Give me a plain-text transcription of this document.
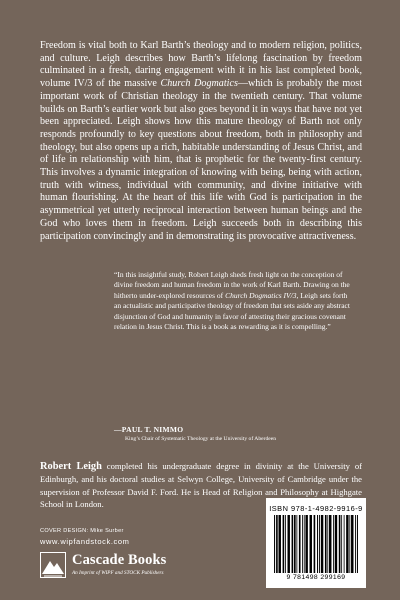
Freedom is vital both to Karl Barth’s theology and to modern religion, politics, and culture. Leigh describes how Barth’s lifelong fascination by freedom culminated in a fresh, daring engagement with it in his last completed book, volume IV/3 of the massive Church Dogmatics—which is probably the most important work of Christian theology in the twentieth century. That volume builds on Barth’s earlier work but also goes beyond it in ways that have not yet been appreciated. Leigh shows how this mature theology of Barth not only responds profoundly to key questions about freedom, both in philosophy and theology, but also opens up a rich, habitable understanding of Jesus Christ, and of life in relationship with him, that is prophetic for the twenty-first century. This involves a dynamic integration of knowing with being, being with action, truth with witness, individual with community, and divine initiative with human flourishing. At the heart of this life with God is participation in the asymmetrical yet utterly reciprocal interaction between human beings and the God who loves them in freedom. Leigh succeeds both in describing this participation convincingly and in demonstrating its provocative attractiveness.

“In this insightful study, Robert Leigh sheds fresh light on the conception of divine freedom and human freedom in the work of Karl Barth. Drawing on the hitherto under-explored resources of Church Dogmatics IV/3, Leigh sets forth an actualistic and participative theology of freedom that sets aside any abstract disjunction of God and humanity in favor of attesting their gracious covenant relation in Jesus Christ. This is a book as rewarding as it is compelling.”

—PAUL T. NIMMO

King’s Chair of Systematic Theology at the University of Aberdeen

Robert Leigh completed his undergraduate degree in divinity at the University of Edinburgh, and his doctoral studies at Selwyn College, University of Cambridge under the supervision of Professor David F. Ford. He is Head of Religion and Philosophy at Highgate School in London.

COVER DESIGN: Mike Surber

www.wipfandstock.com

Cascade Books
An Imprint of WIPF and STOCK Publishers
ISBN 978-1-4982-9916-9
9 781498 299169
